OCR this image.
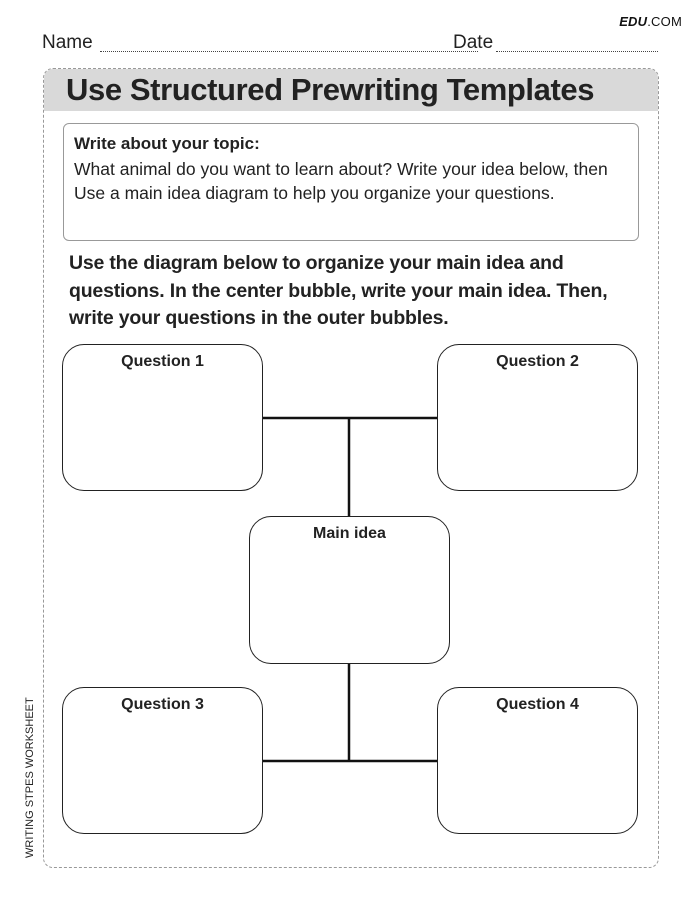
EDU.COM
Name	Date
Use Structured Prewriting Templates
Write about your topic:
What animal do you want to learn about? Write your idea below, then Use a main idea diagram to help you organize your questions.
Use the diagram below to organize your main idea and questions. In the center bubble, write your main idea. Then, write your questions in the outer bubbles.
Question 1	Question 2
Main idea
Question 3	Question 4
WRITING STPES WORKSHEET
